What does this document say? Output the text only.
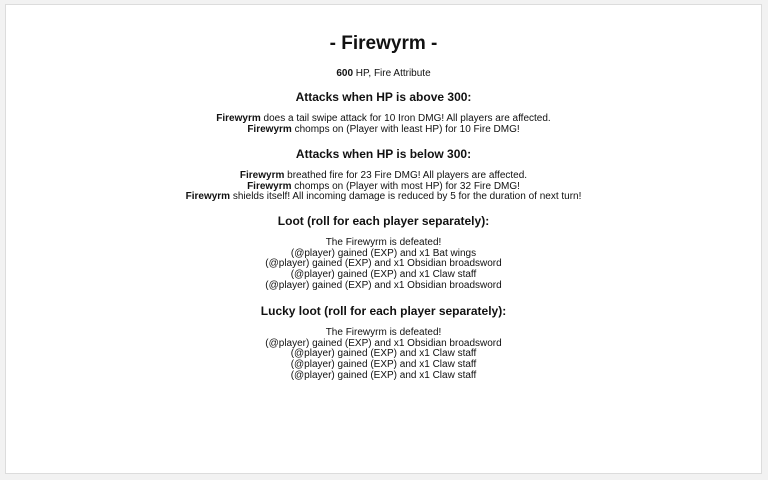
- Firewyrm -
600 HP, Fire Attribute
Attacks when HP is above 300:
Firewyrm does a tail swipe attack for 10 Iron DMG! All players are affected.
Firewyrm chomps on (Player with least HP) for 10 Fire DMG!
Attacks when HP is below 300:
Firewyrm breathed fire for 23 Fire DMG! All players are affected.
Firewyrm chomps on (Player with most HP) for 32 Fire DMG!
Firewyrm shields itself! All incoming damage is reduced by 5 for the duration of next turn!
Loot (roll for each player separately):
The Firewyrm is defeated!
(@player) gained (EXP) and x1 Bat wings
(@player) gained (EXP) and x1 Obsidian broadsword
(@player) gained (EXP) and x1 Claw staff
(@player) gained (EXP) and x1 Obsidian broadsword
Lucky loot (roll for each player separately):
The Firewyrm is defeated!
(@player) gained (EXP) and x1 Obsidian broadsword
(@player) gained (EXP) and x1 Claw staff
(@player) gained (EXP) and x1 Claw staff
(@player) gained (EXP) and x1 Claw staff
